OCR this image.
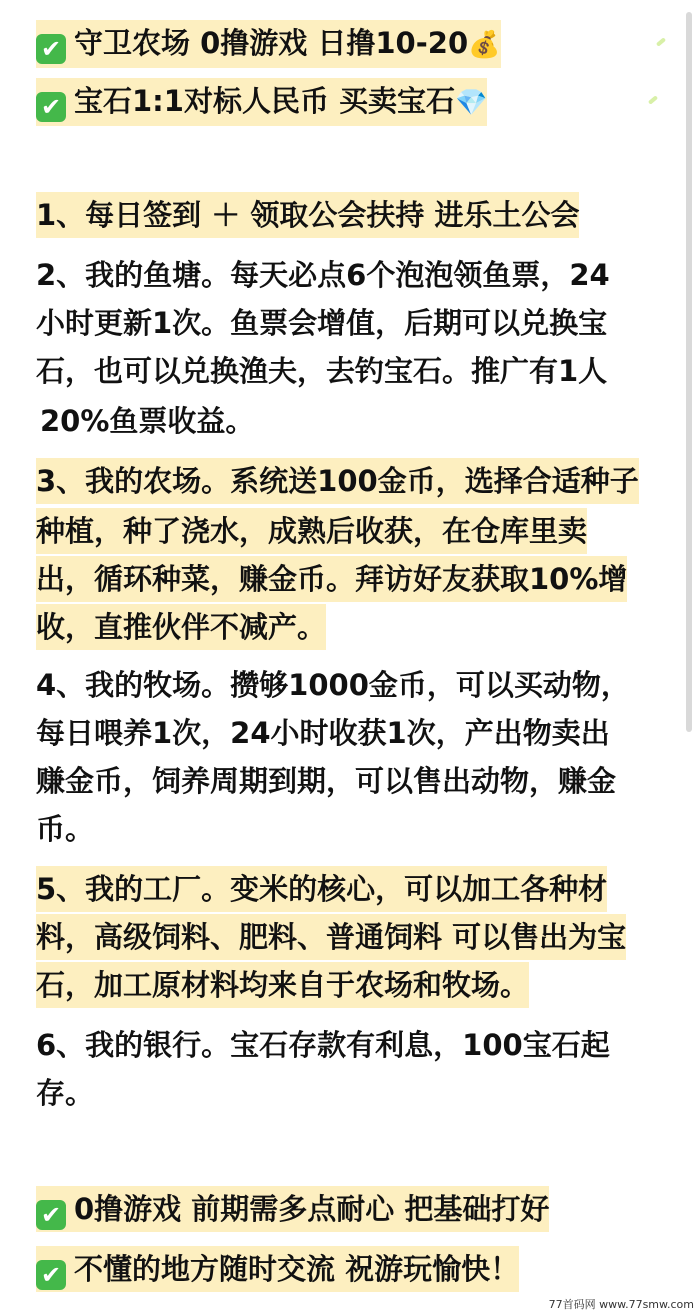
✔ 守卫农场 0撸游戏 日撸10-20💰
✔ 宝石1:1对标人民币 买卖宝石💎
1、每日签到 ＋ 领取公会扶持 进乐土公会
2、我的鱼塘。每天必点6个泡泡领鱼票，24
小时更新1次。鱼票会增值，后期可以兑换宝
石，也可以兑换渔夫，去钓宝石。推广有1人
20%鱼票收益。
3、我的农场。系统送100金币，选择合适种子
种植，种了浇水，成熟后收获，在仓库里卖
出，循环种菜，赚金币。拜访好友获取10%增
收，直推伙伴不减产。
4、我的牧场。攒够1000金币，可以买动物，
每日喂养1次，24小时收获1次，产出物卖出
赚金币，饲养周期到期，可以售出动物，赚金
币。
5、我的工厂。变米的核心，可以加工各种材
料，高级饲料、肥料、普通饲料 可以售出为宝
石，加工原材料均来自于农场和牧场。
6、我的银行。宝石存款有利息，100宝石起
存。
✔ 0撸游戏 前期需多点耐心 把基础打好
✔ 不懂的地方随时交流 祝游玩愉快！
77首码网 www.77smw.com
